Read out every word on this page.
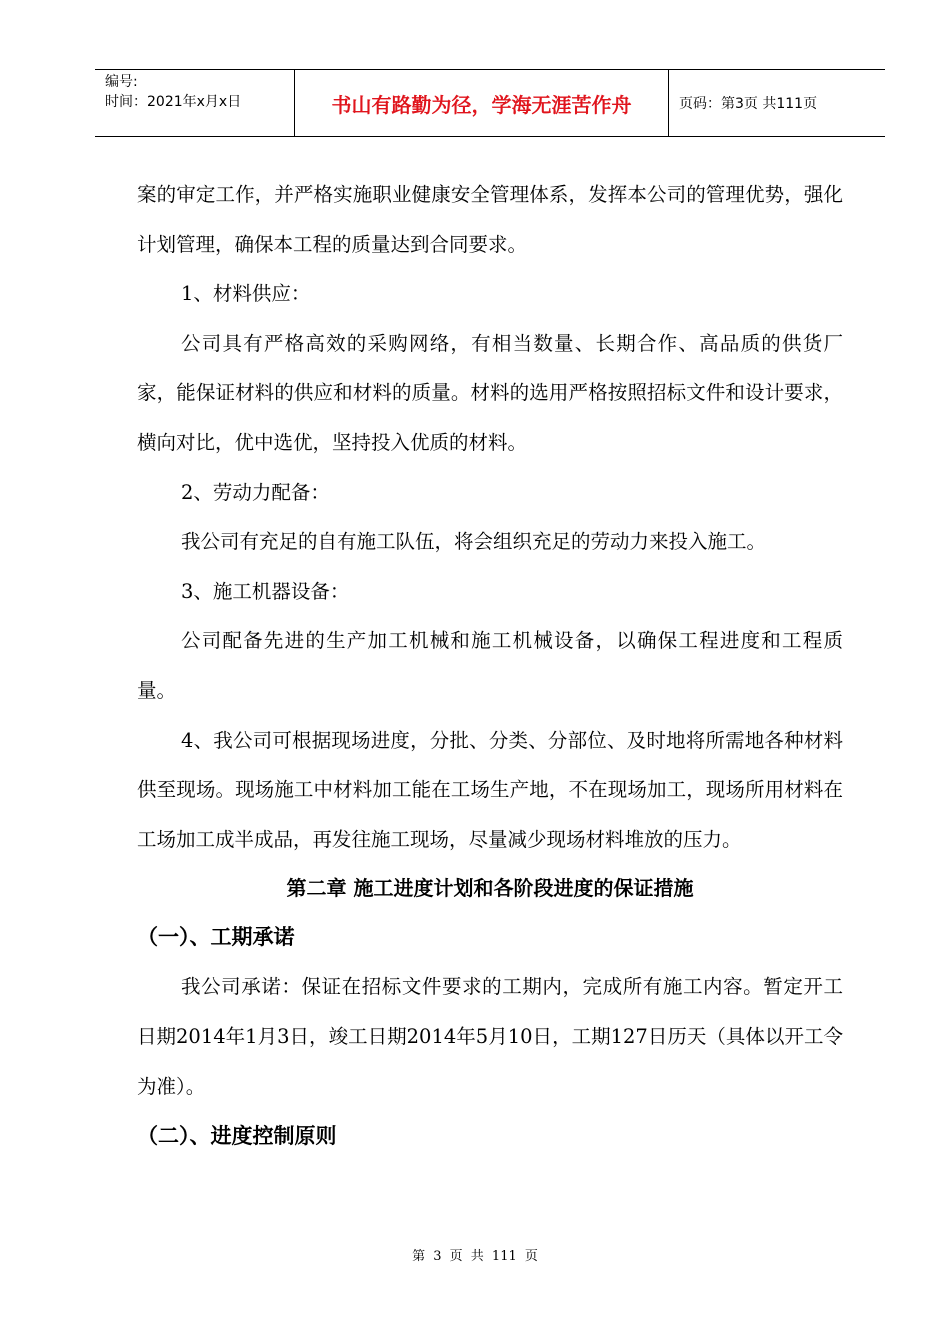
编号:
时间：2021年x月x日	书山有路勤为径，学海无涯苦作舟	页码：第3页 共111页

案的审定工作，并严格实施职业健康安全管理体系，发挥本公司的管理优势，强化计划管理，确保本工程的质量达到合同要求。

1、材料供应：

公司具有严格高效的采购网络，有相当数量、长期合作、高品质的供货厂家，能保证材料的供应和材料的质量。材料的选用严格按照招标文件和设计要求，横向对比，优中选优，坚持投入优质的材料。

2、劳动力配备：

我公司有充足的自有施工队伍，将会组织充足的劳动力来投入施工。

3、施工机器设备：

公司配备先进的生产加工机械和施工机械设备，以确保工程进度和工程质量。

4、我公司可根据现场进度，分批、分类、分部位、及时地将所需地各种材料供至现场。现场施工中材料加工能在工场生产地，不在现场加工，现场所用材料在工场加工成半成品，再发往施工现场，尽量减少现场材料堆放的压力。

第二章 施工进度计划和各阶段进度的保证措施

（一）、工期承诺

我公司承诺：保证在招标文件要求的工期内，完成所有施工内容。暂定开工日期2014年1月3日，竣工日期2014年5月10日，工期127日历天（具体以开工令为准）。

（二）、进度控制原则

第 3 页 共 111 页
